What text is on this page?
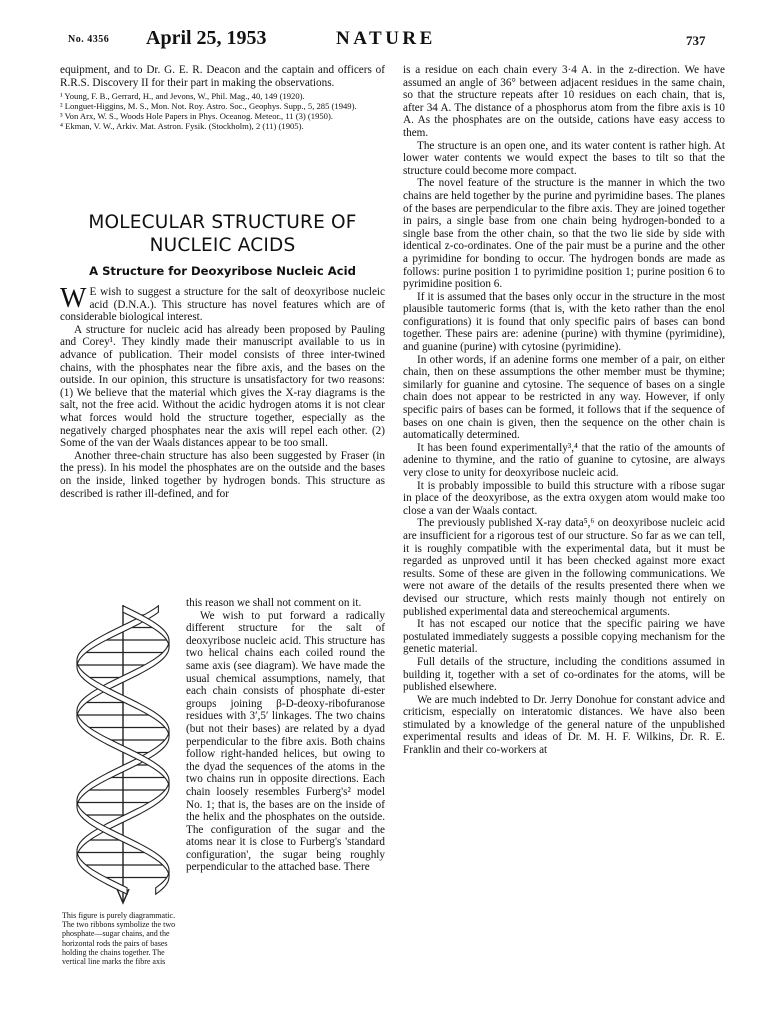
No. 4356 April 25, 1953	NATURE	737

equipment, and to Dr. G. E. R. Deacon and the captain and officers of R.R.S. Discovery II for their part in making the observations.

¹ Young, F. B., Gerrard, H., and Jevons, W., Phil. Mag., 40, 149 (1920).
² Longuet-Higgins, M. S., Mon. Not. Roy. Astro. Soc., Geophys. Supp., 5, 285 (1949).
³ Von Arx, W. S., Woods Hole Papers in Phys. Oceanog. Meteor., 11 (3) (1950).
⁴ Ekman, V. W., Arkiv. Mat. Astron. Fysik. (Stockholm), 2 (11) (1905).
MOLECULAR STRUCTURE OF
NUCLEIC ACIDS
A Structure for Deoxyribose Nucleic Acid

W E wish to suggest a structure for the salt of deoxyribose nucleic acid (D.N.A.). This structure has novel features which are of considerable biological interest.

A structure for nucleic acid has already been proposed by Pauling and Corey¹. They kindly made their manuscript available to us in advance of publication. Their model consists of three inter-twined chains, with the phosphates near the fibre axis, and the bases on the outside. In our opinion, this structure is unsatisfactory for two reasons: (1) We believe that the material which gives the X-ray diagrams is the salt, not the free acid. Without the acidic hydrogen atoms it is not clear what forces would hold the structure together, especially as the negatively charged phosphates near the axis will repel each other. (2) Some of the van der Waals distances appear to be too small.

Another three-chain structure has also been suggested by Fraser (in the press). In his model the phosphates are on the outside and the bases on the inside, linked together by hydrogen bonds. This structure as described is rather ill-defined, and for

this reason we shall not comment on it.

We wish to put forward a radically different structure for the salt of deoxyribose nucleic acid. This structure has two helical chains each coiled round the same axis (see diagram). We have made the usual chemical assumptions, namely, that each chain consists of phosphate di-ester groups joining β-D-deoxy-ribofuranose residues with 3′,5′ linkages. The two chains (but not their bases) are related by a dyad perpendicular to the fibre axis. Both chains follow right-handed helices, but owing to the dyad the sequences of the atoms in the two chains run in opposite directions. Each chain loosely resembles Furberg's² model No. 1; that is, the bases are on the inside of the helix and the phosphates on the outside. The configuration of the sugar and the atoms near it is close to Furberg's 'standard configuration', the sugar being roughly perpendicular to the attached base. There

This figure is purely diagrammatic. The two ribbons symbolize the two phosphate—sugar chains, and the horizontal rods the pairs of bases holding the chains together. The vertical line marks the fibre axis

is a residue on each chain every 3·4 A. in the z-direction. We have assumed an angle of 36° between adjacent residues in the same chain, so that the structure repeats after 10 residues on each chain, that is, after 34 A. The distance of a phosphorus atom from the fibre axis is 10 A. As the phosphates are on the outside, cations have easy access to them.

The structure is an open one, and its water content is rather high. At lower water contents we would expect the bases to tilt so that the structure could become more compact.

The novel feature of the structure is the manner in which the two chains are held together by the purine and pyrimidine bases. The planes of the bases are perpendicular to the fibre axis. They are joined together in pairs, a single base from one chain being hydrogen-bonded to a single base from the other chain, so that the two lie side by side with identical z-co-ordinates. One of the pair must be a purine and the other a pyrimidine for bonding to occur. The hydrogen bonds are made as follows: purine position 1 to pyrimidine position 1; purine position 6 to pyrimidine position 6.

If it is assumed that the bases only occur in the structure in the most plausible tautomeric forms (that is, with the keto rather than the enol configurations) it is found that only specific pairs of bases can bond together. These pairs are: adenine (purine) with thymine (pyrimidine), and guanine (purine) with cytosine (pyrimidine).

In other words, if an adenine forms one member of a pair, on either chain, then on these assumptions the other member must be thymine; similarly for guanine and cytosine. The sequence of bases on a single chain does not appear to be restricted in any way. However, if only specific pairs of bases can be formed, it follows that if the sequence of bases on one chain is given, then the sequence on the other chain is automatically determined.

It has been found experimentally³,⁴ that the ratio of the amounts of adenine to thymine, and the ratio of guanine to cytosine, are always very close to unity for deoxyribose nucleic acid.

It is probably impossible to build this structure with a ribose sugar in place of the deoxyribose, as the extra oxygen atom would make too close a van der Waals contact.

The previously published X-ray data⁵,⁶ on deoxyribose nucleic acid are insufficient for a rigorous test of our structure. So far as we can tell, it is roughly compatible with the experimental data, but it must be regarded as unproved until it has been checked against more exact results. Some of these are given in the following communications. We were not aware of the details of the results presented there when we devised our structure, which rests mainly though not entirely on published experimental data and stereochemical arguments.

It has not escaped our notice that the specific pairing we have postulated immediately suggests a possible copying mechanism for the genetic material.

Full details of the structure, including the conditions assumed in building it, together with a set of co-ordinates for the atoms, will be published elsewhere.

We are much indebted to Dr. Jerry Donohue for constant advice and criticism, especially on interatomic distances. We have also been stimulated by a knowledge of the general nature of the unpublished experimental results and ideas of Dr. M. H. F. Wilkins, Dr. R. E. Franklin and their co-workers at
